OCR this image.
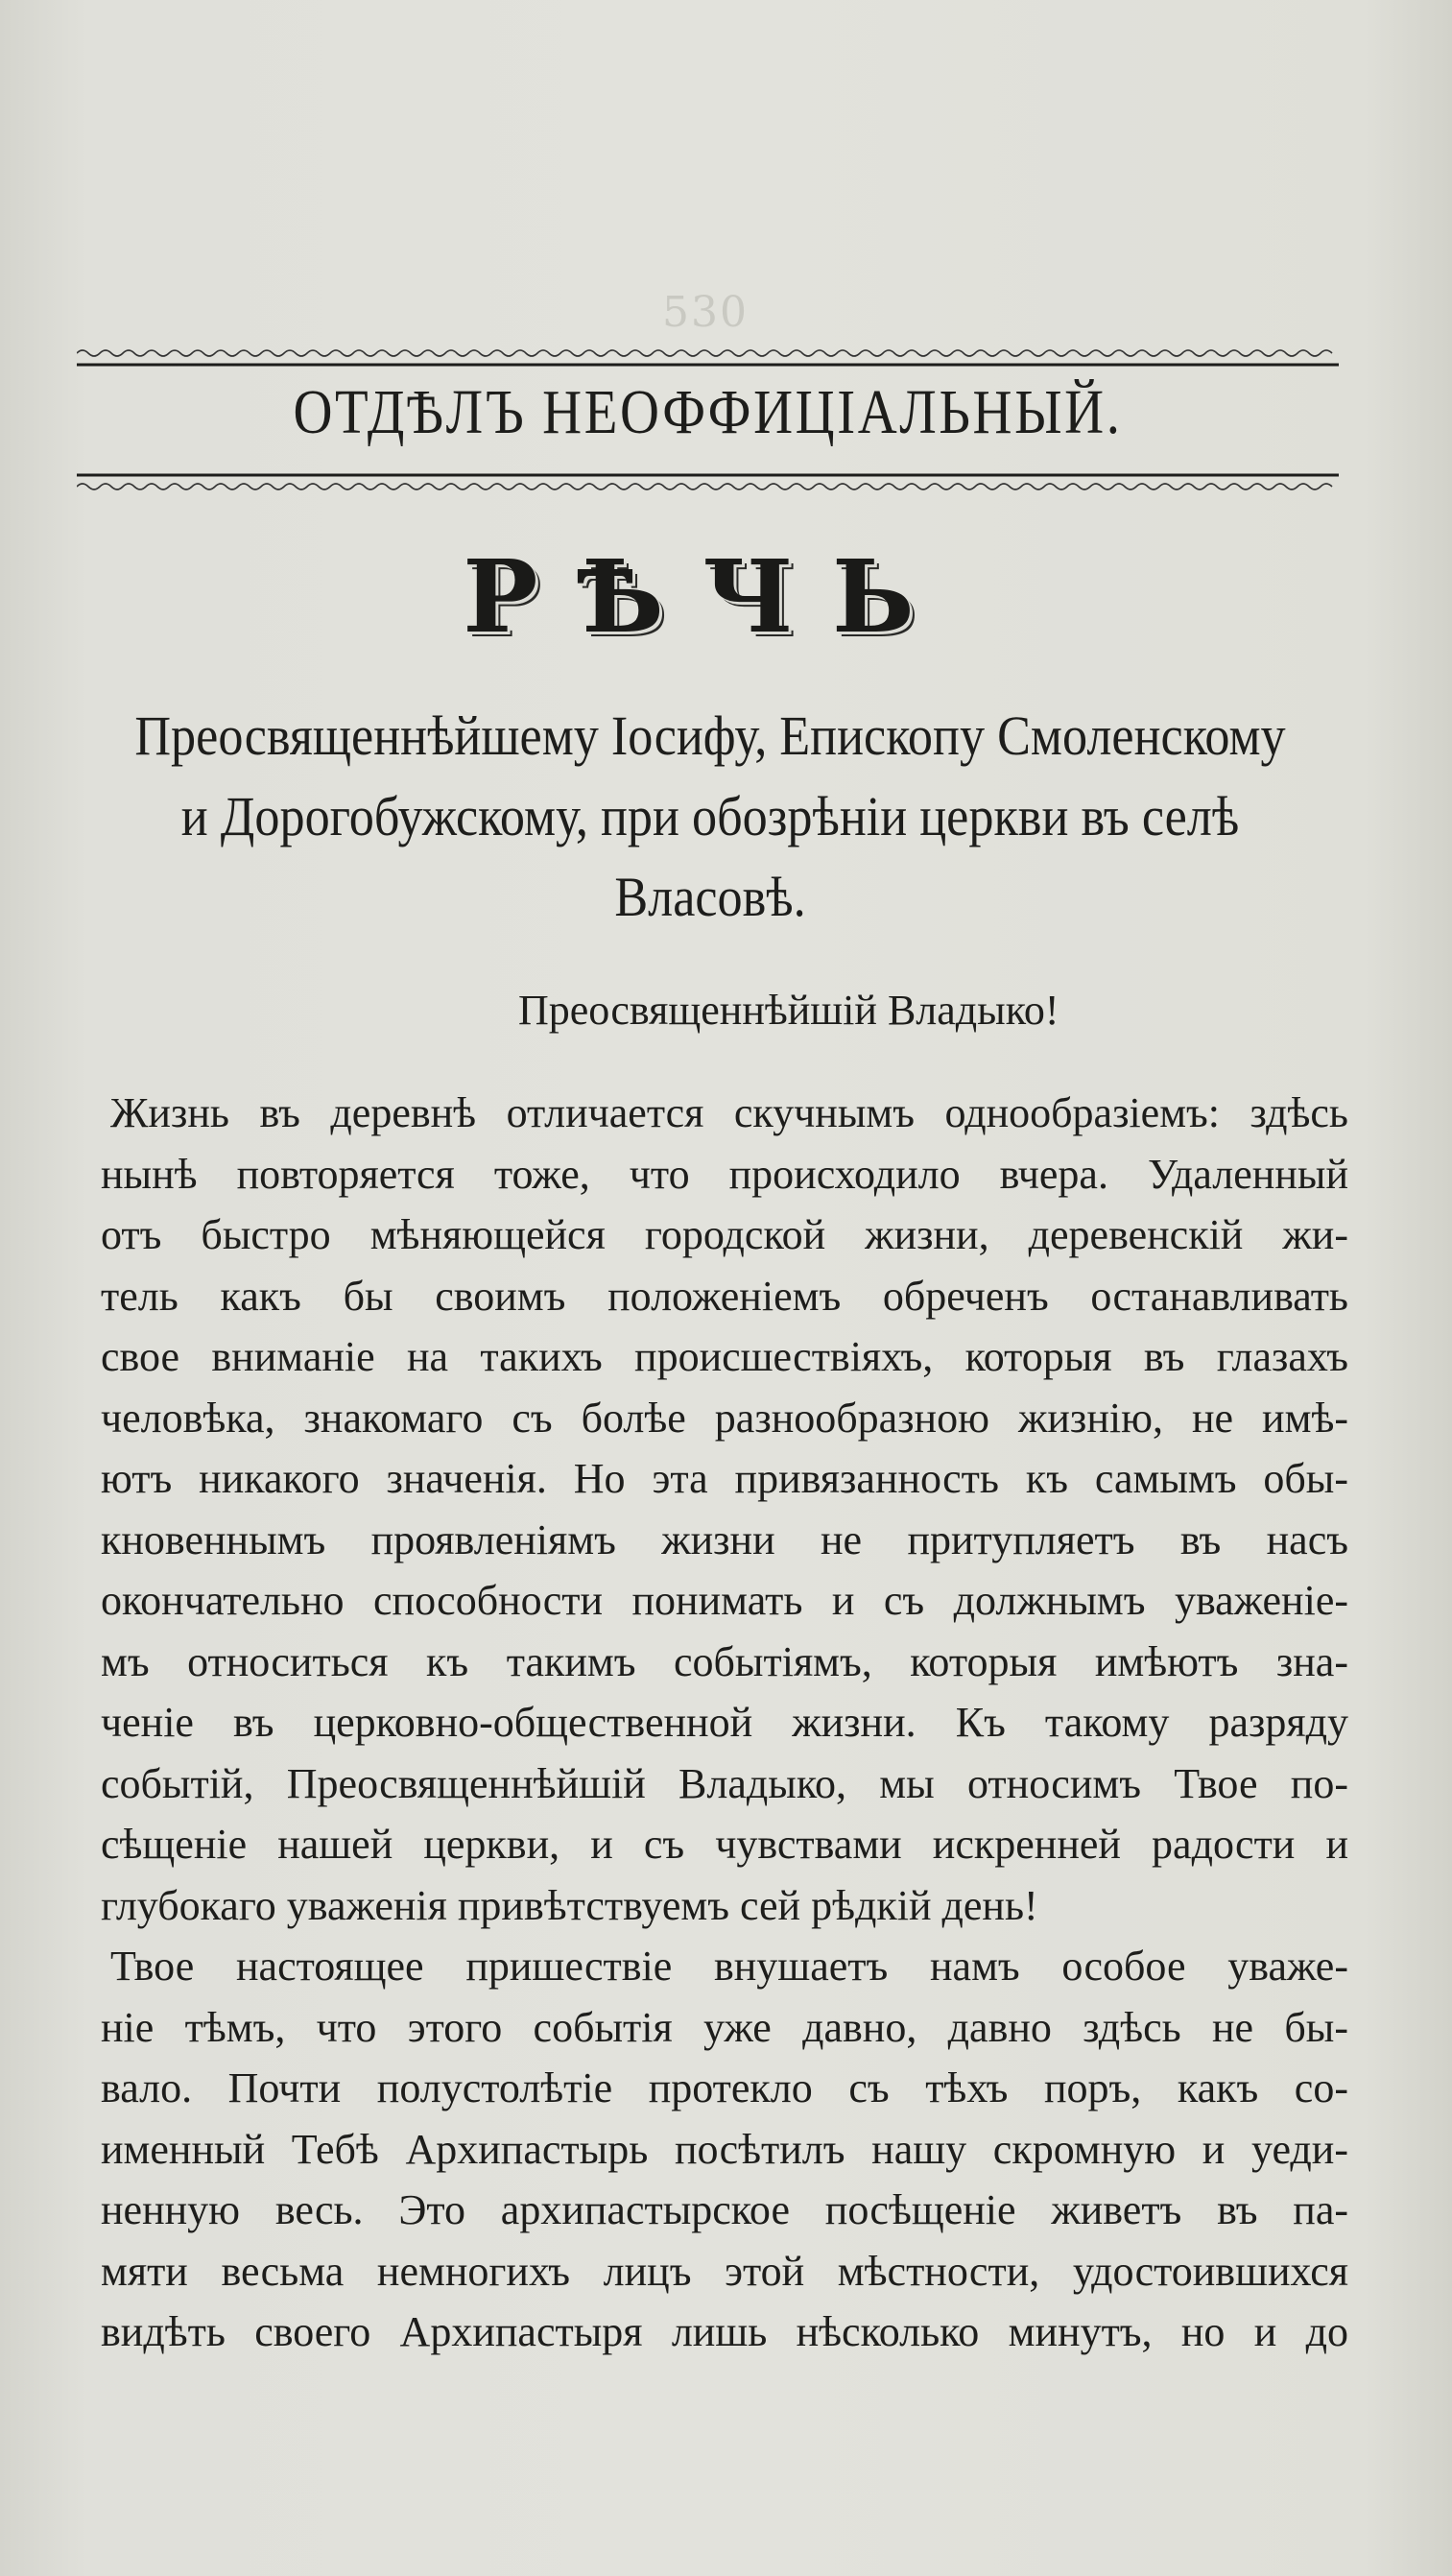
530
ОТДѢЛЪ НЕОФФИЦІАЛЬНЫЙ.
РѢЧЬ
Преосвященнѣйшему Іосифу, Епископу Смоленскому
и Дорогобужскому, при обозрѣніи церкви въ селѣ
Власовѣ.
Преосвященнѣйшій Владыко!
Жизнь въ деревнѣ отличается скучнымъ однообразіемъ: здѣсь
нынѣ повторяется тоже, что происходило вчера. Удаленный
отъ быстро мѣняющейся городской жизни, деревенскій жи-
тель какъ бы своимъ положеніемъ обреченъ останавливать
свое вниманіе на такихъ происшествіяхъ, которыя въ глазахъ
человѣка, знакомаго съ болѣе разнообразною жизнію, не имѣ-
ютъ никакого значенія. Но эта привязанность къ самымъ обы-
кновеннымъ проявленіямъ жизни не притупляетъ въ насъ
окончательно способности понимать и съ должнымъ уваженіе-
мъ относиться къ такимъ событіямъ, которыя имѣютъ зна-
ченіе въ церковно-общественной жизни. Къ такому разряду
событій, Преосвященнѣйшій Владыко, мы относимъ Твое по-
сѣщеніе нашей церкви, и съ чувствами искренней радости и
глубокаго уваженія привѣтствуемъ сей рѣдкій день!
Твое настоящее пришествіе внушаетъ намъ особое уваже-
ніе тѣмъ, что этого событія уже давно, давно здѣсь не бы-
вало. Почти полустолѣтіе протекло съ тѣхъ поръ, какъ со-
именный Тебѣ Архипастырь посѣтилъ нашу скромную и уеди-
ненную весь. Это архипастырское посѣщеніе живетъ въ па-
мяти весьма немногихъ лицъ этой мѣстности, удостоившихся
видѣть своего Архипастыря лишь нѣсколько минутъ, но и до
